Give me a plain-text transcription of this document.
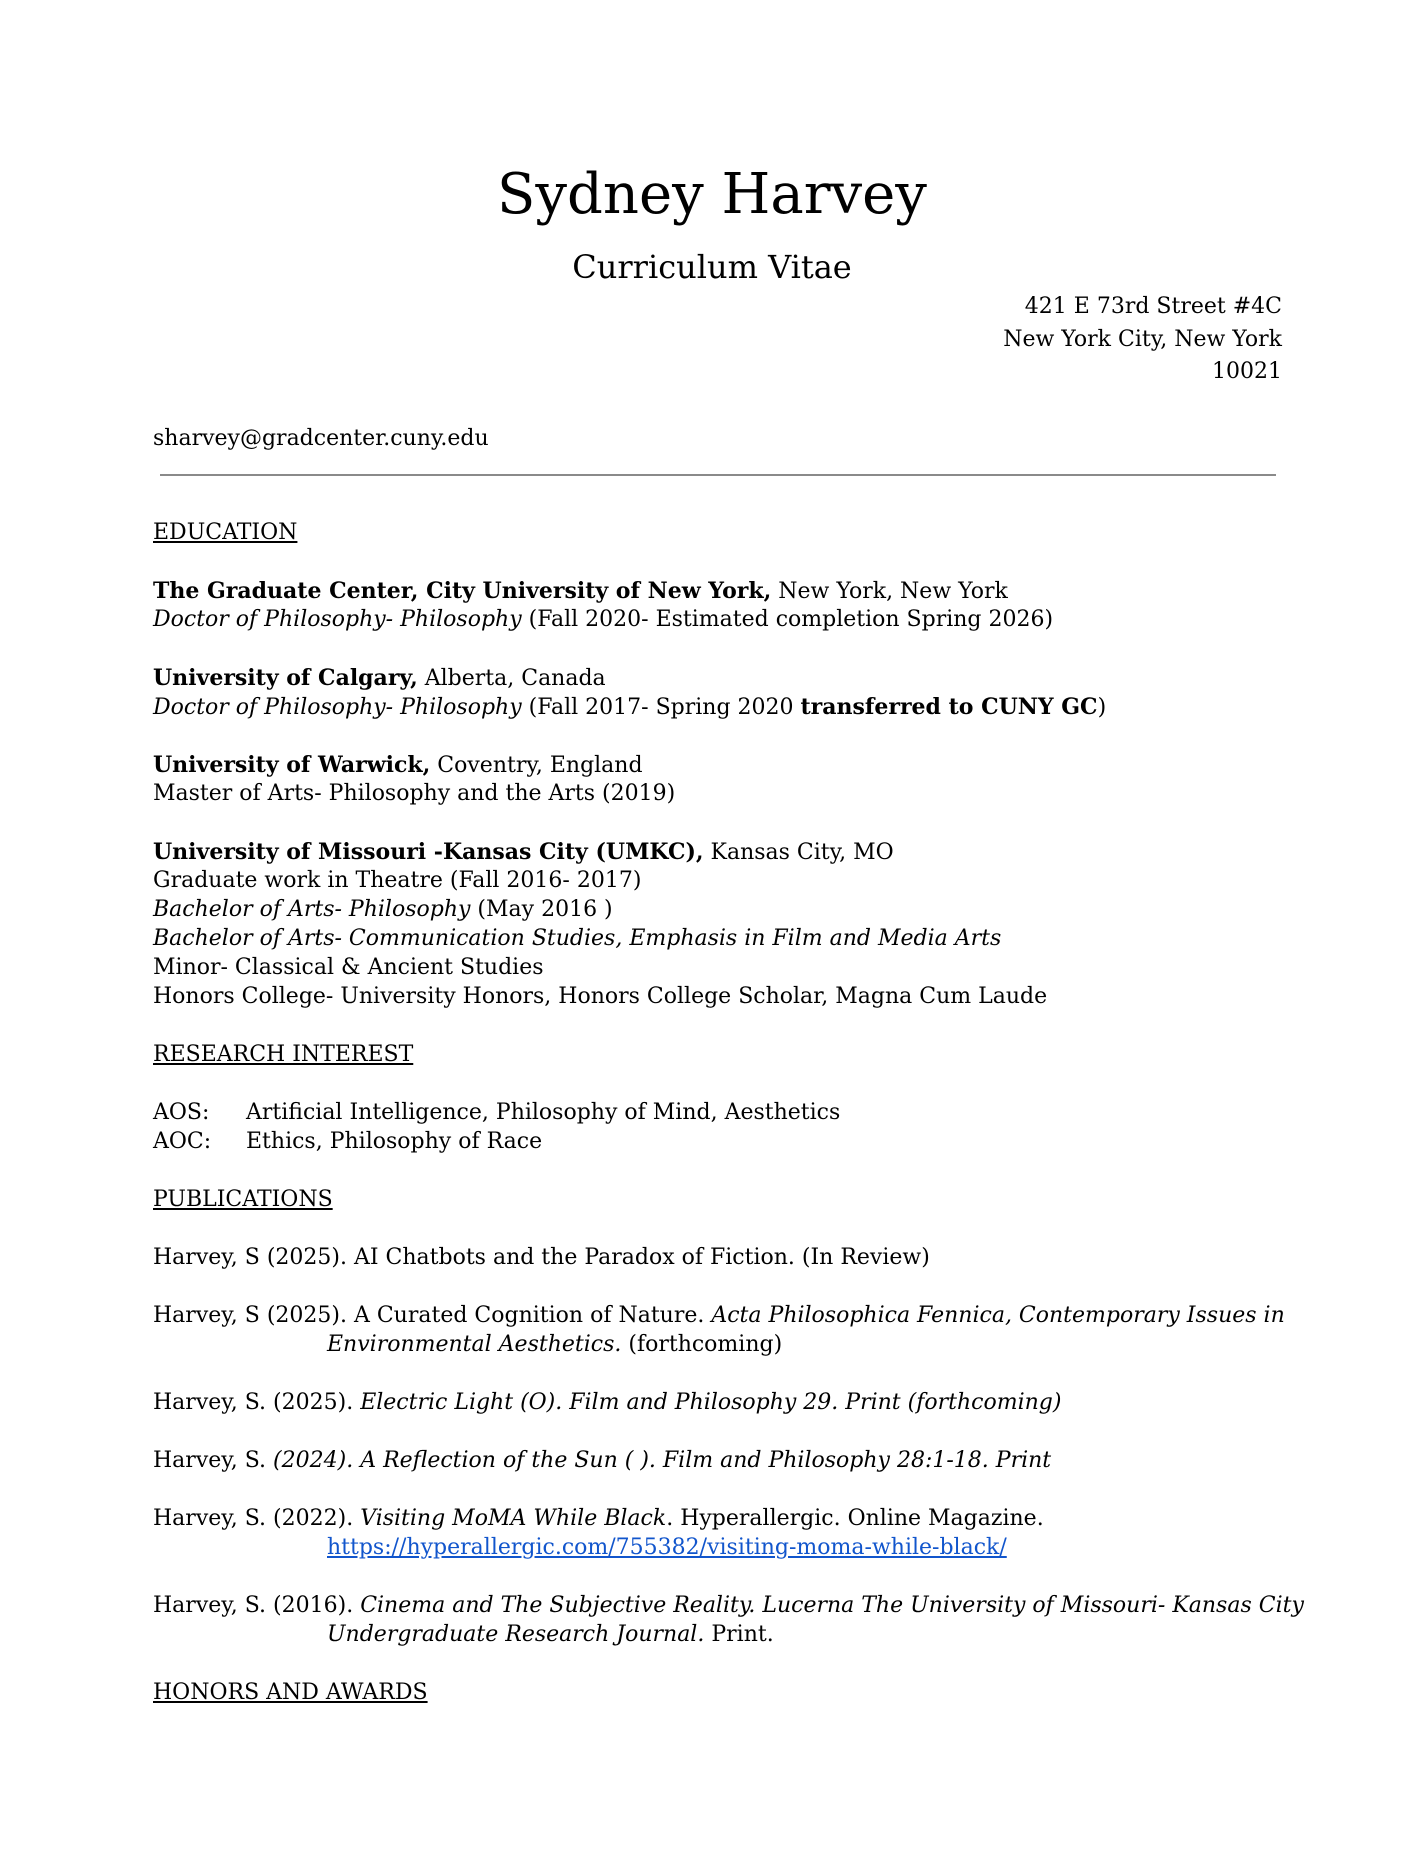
Sydney Harvey
Curriculum Vitae
421 E 73rd Street #4C
New York City, New York
10021
sharvey@gradcenter.cuny.edu
EDUCATION
The Graduate Center, City University of New York, New York, New York
Doctor of Philosophy- Philosophy (Fall 2020- Estimated completion Spring 2026)
University of Calgary, Alberta, Canada
Doctor of Philosophy- Philosophy (Fall 2017- Spring 2020 transferred to CUNY GC)
University of Warwick, Coventry, England
Master of Arts- Philosophy and the Arts (2019)
University of Missouri -Kansas City (UMKC), Kansas City, MO
Graduate work in Theatre (Fall 2016- 2017)
Bachelor of Arts- Philosophy (May 2016 )
Bachelor of Arts- Communication Studies, Emphasis in Film and Media Arts
Minor- Classical & Ancient Studies
Honors College- University Honors, Honors College Scholar, Magna Cum Laude
RESEARCH INTEREST
AOS: Artificial Intelligence, Philosophy of Mind, Aesthetics
AOC: Ethics, Philosophy of Race
PUBLICATIONS
Harvey, S (2025). AI Chatbots and the Paradox of Fiction. (In Review)
Harvey, S (2025). A Curated Cognition of Nature. Acta Philosophica Fennica, Contemporary Issues in
Environmental Aesthetics. (forthcoming)
Harvey, S. (2025). Electric Light (O). Film and Philosophy 29. Print (forthcoming)
Harvey, S. (2024). A Reflection of the Sun ( ). Film and Philosophy 28:1-18. Print
Harvey, S. (2022). Visiting MoMA While Black. Hyperallergic. Online Magazine.
https://hyperallergic.com/755382/visiting-moma-while-black/
Harvey, S. (2016). Cinema and The Subjective Reality. Lucerna The University of Missouri- Kansas City
Undergraduate Research Journal. Print.
HONORS AND AWARDS
